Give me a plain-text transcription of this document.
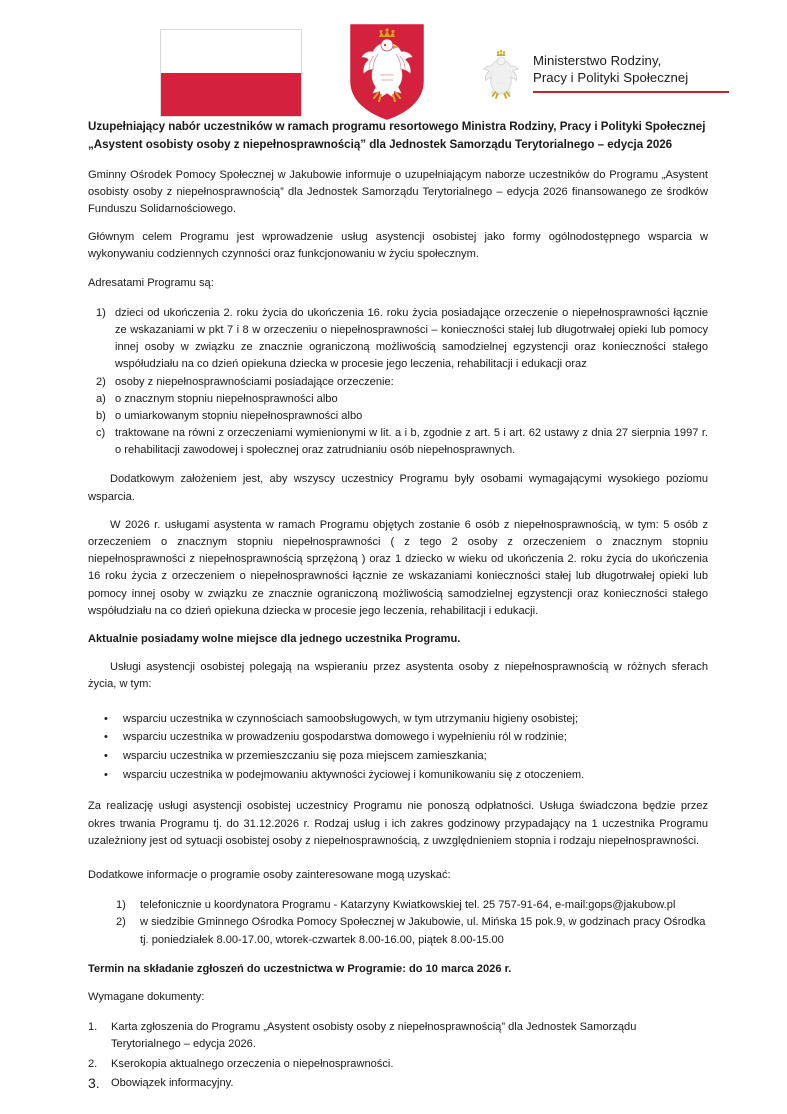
Ministerstwo Rodziny,
Pracy i Polityki Społecznej
Uzupełniający nabór uczestników w ramach programu resortowego Ministra Rodziny, Pracy i Polityki Społecznej „Asystent osobisty osoby z niepełnosprawnością” dla Jednostek Samorządu Terytorialnego – edycja 2026

Gminny Ośrodek Pomocy Społecznej w Jakubowie informuje o uzupełniającym naborze uczestników do Programu „Asystent osobisty osoby z niepełnosprawnością” dla Jednostek Samorządu Terytorialnego – edycja 2026 finansowanego ze środków Funduszu Solidarnościowego.

Głównym celem Programu jest wprowadzenie usług asystencji osobistej jako formy ogólnodostępnego wsparcia w wykonywaniu codziennych czynności oraz funkcjonowaniu w życiu społecznym.

Adresatami Programu są:

1) dzieci od ukończenia 2. roku życia do ukończenia 16. roku życia posiadające orzeczenie o niepełnosprawności łącznie ze wskazaniami w pkt 7 i 8 w orzeczeniu o niepełnosprawności – konieczności stałej lub długotrwałej opieki lub pomocy innej osoby w związku ze znacznie ograniczoną możliwością samodzielnej egzystencji oraz konieczności stałego współudziału na co dzień opiekuna dziecka w procesie jego leczenia, rehabilitacji i edukacji oraz
2) osoby z niepełnosprawnościami posiadające orzeczenie:
a) o znacznym stopniu niepełnosprawności albo
b) o umiarkowanym stopniu niepełnosprawności albo
c) traktowane na równi z orzeczeniami wymienionymi w lit. a i b, zgodnie z art. 5 i art. 62 ustawy z dnia 27 sierpnia 1997 r. o rehabilitacji zawodowej i społecznej oraz zatrudnianiu osób niepełnosprawnych.

Dodatkowym założeniem jest, aby wszyscy uczestnicy Programu były osobami wymagającymi wysokiego poziomu wsparcia.

W 2026 r. usługami asystenta w ramach Programu objętych zostanie 6 osób z niepełnosprawnością, w tym: 5 osób z orzeczeniem o znacznym stopniu niepełnosprawności ( z tego 2 osoby z orzeczeniem o znacznym stopniu niepełnosprawności z niepełnosprawnością sprzężoną ) oraz 1 dziecko w wieku od ukończenia 2. roku życia do ukończenia 16 roku życia z orzeczeniem o niepełnosprawności łącznie ze wskazaniami konieczności stałej lub długotrwałej opieki lub pomocy innej osoby w związku ze znacznie ograniczoną możliwością samodzielnej egzystencji oraz konieczności stałego współudziału na co dzień opiekuna dziecka w procesie jego leczenia, rehabilitacji i edukacji.

Aktualnie posiadamy wolne miejsce dla jednego uczestnika Programu.

Usługi asystencji osobistej polegają na wspieraniu przez asystenta osoby z niepełnosprawnością w różnych sferach życia, w tym:

•	wsparciu uczestnika w czynnościach samoobsługowych, w tym utrzymaniu higieny osobistej;
•	wsparciu uczestnika w prowadzeniu gospodarstwa domowego i wypełnieniu ról w rodzinie;
•	wsparciu uczestnika w przemieszczaniu się poza miejscem zamieszkania;
•	wsparciu uczestnika w podejmowaniu aktywności życiowej i komunikowaniu się z otoczeniem.

Za realizację usługi asystencji osobistej uczestnicy Programu nie ponoszą odpłatności. Usługa świadczona będzie przez okres trwania Programu tj. do 31.12.2026 r. Rodzaj usług i ich zakres godzinowy przypadający na 1 uczestnika Programu uzależniony jest od sytuacji osobistej osoby z niepełnosprawnością, z uwzględnieniem stopnia i rodzaju niepełnosprawności.

Dodatkowe informacje o programie osoby zainteresowane mogą uzyskać:

1)	telefonicznie u koordynatora Programu - Katarzyny Kwiatkowskiej tel. 25 757-91-64, e-mail:gops@jakubow.pl
2)	w siedzibie Gminnego Ośrodka Pomocy Społecznej w Jakubowie, ul. Mińska 15 pok.9, w godzinach pracy Ośrodka tj. poniedziałek 8.00-17.00, wtorek-czwartek 8.00-16.00, piątek 8.00-15.00

Termin na składanie zgłoszeń do uczestnictwa w Programie: do 10 marca 2026 r.

Wymagane dokumenty:

1.	Karta zgłoszenia do Programu „Asystent osobisty osoby z niepełnosprawnością” dla Jednostek Samorządu Terytorialnego – edycja 2026.
2.	Kserokopia aktualnego orzeczenia o niepełnosprawności.
3.	Obowiązek informacyjny.
